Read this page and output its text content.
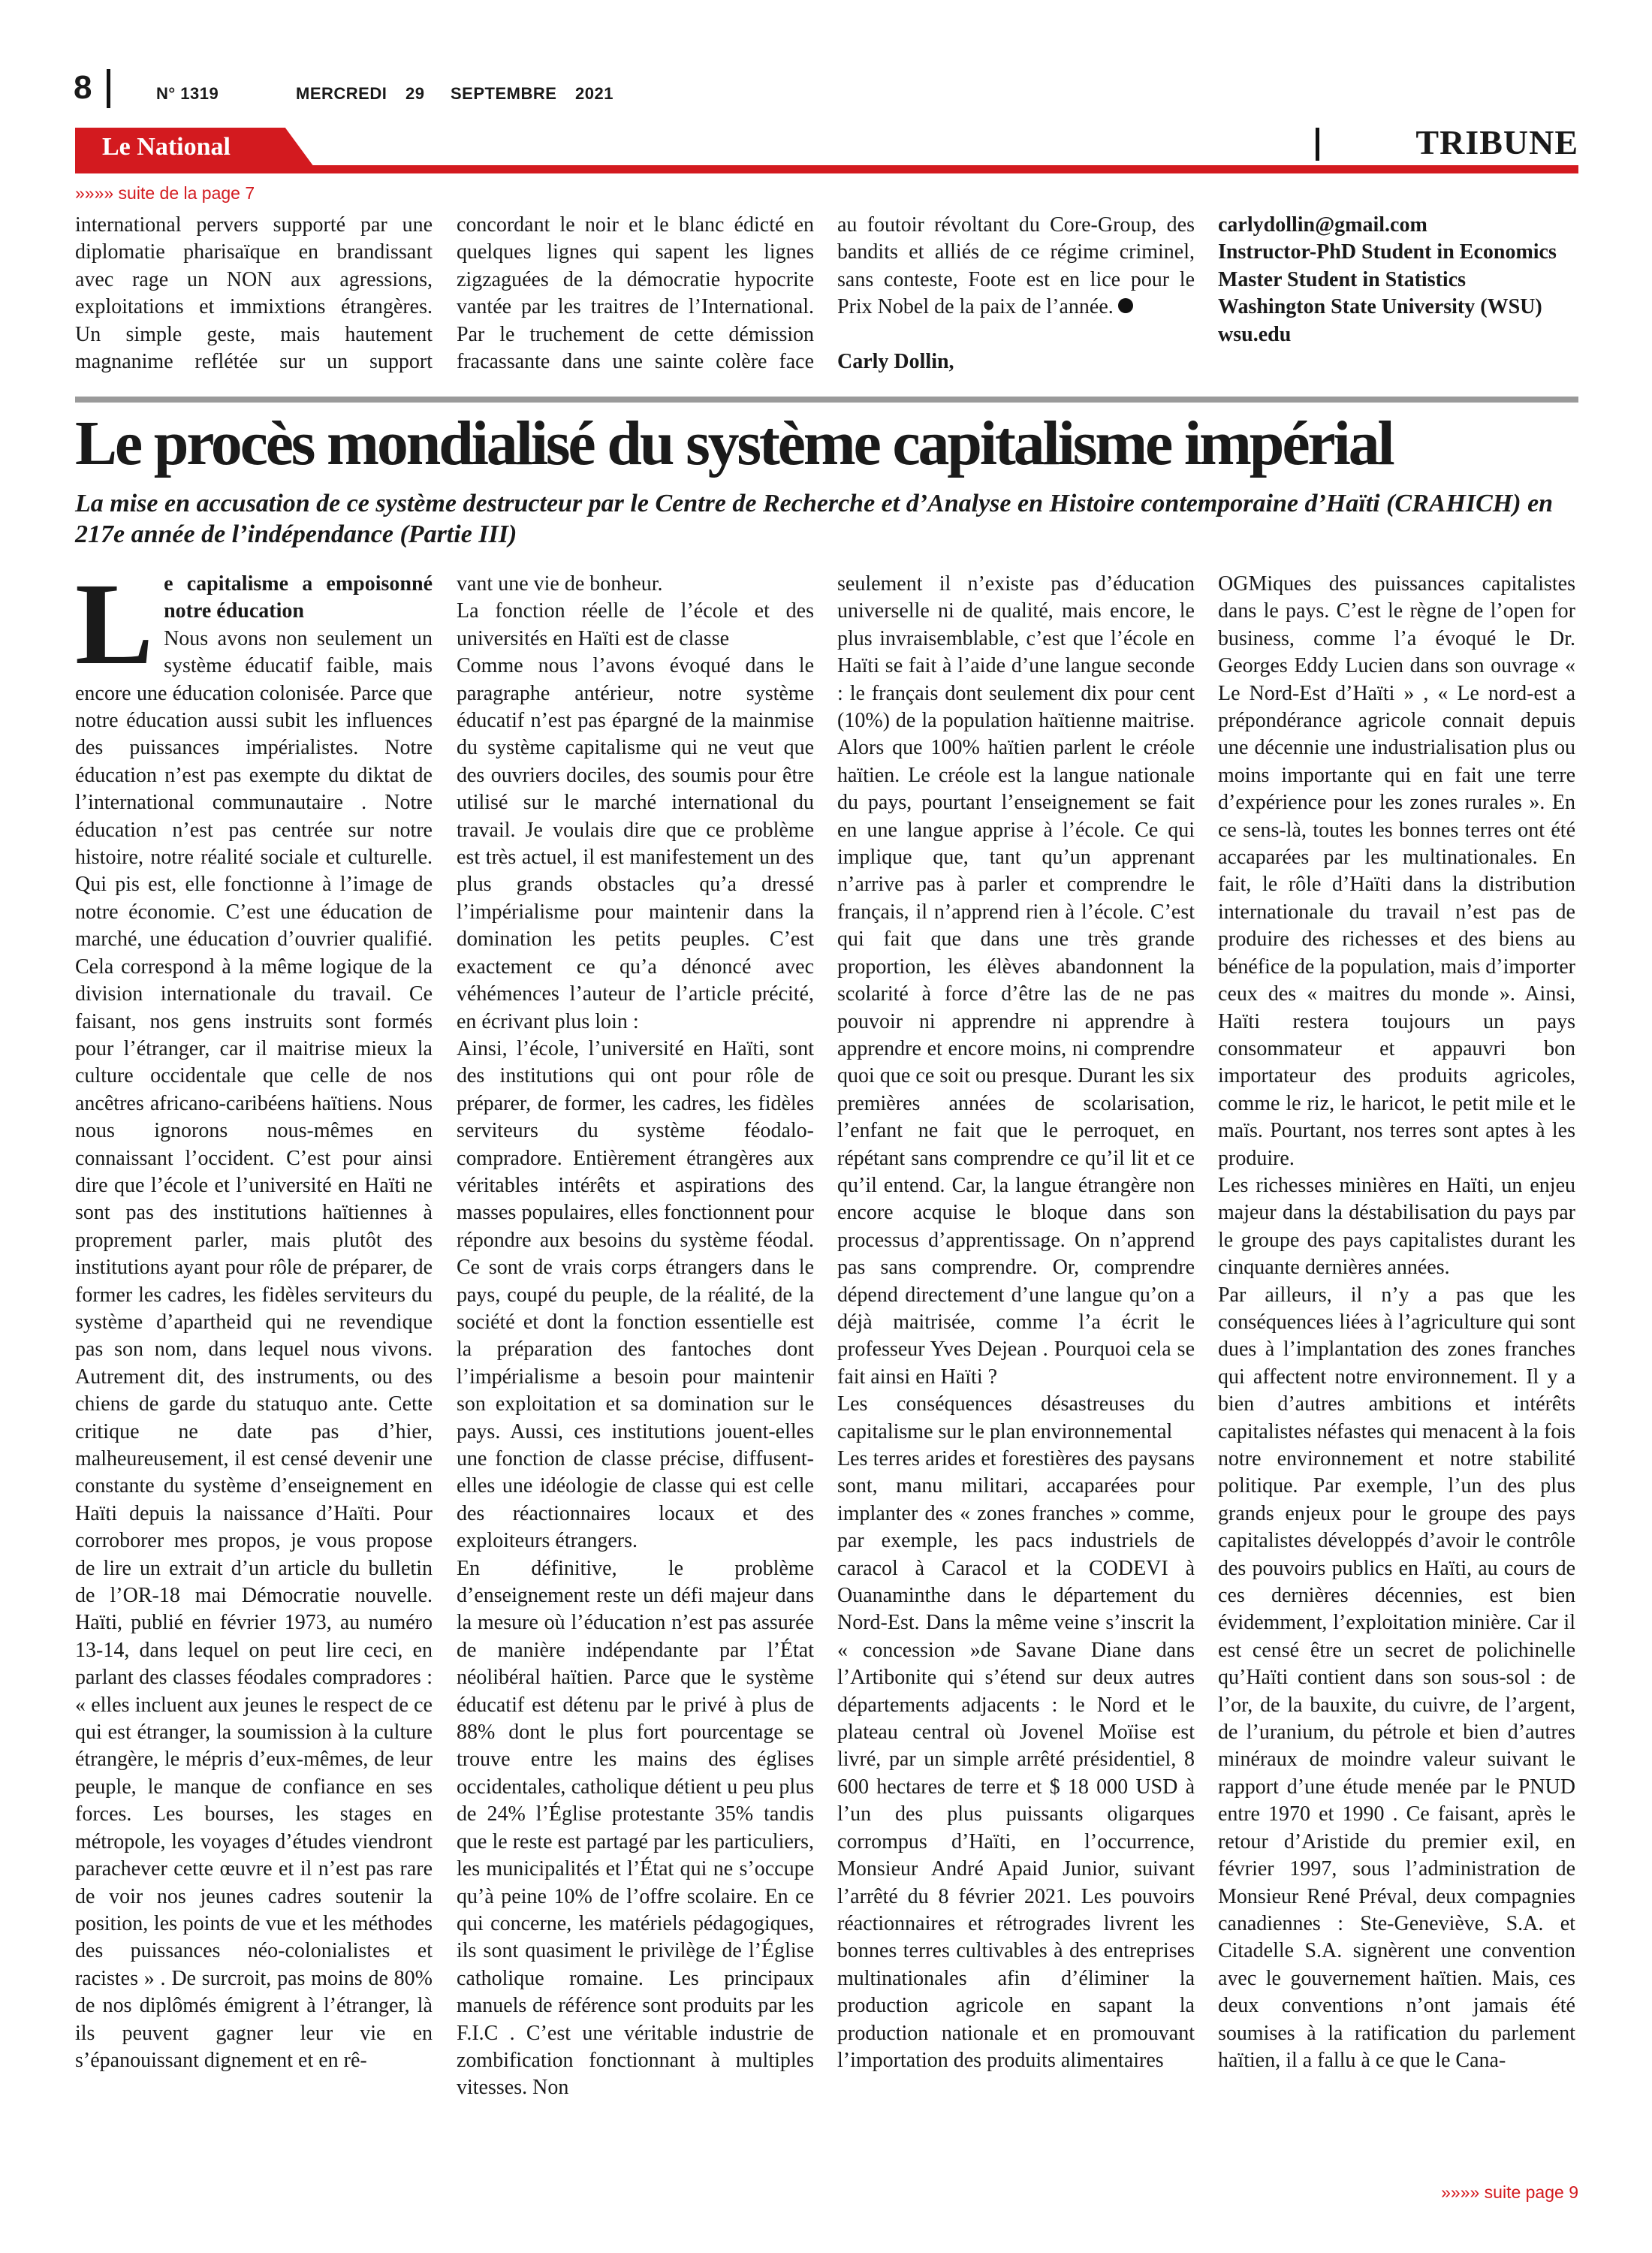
8	N° 1319	MERCREDI 29 SEPTEMBRE 2021
Le National	TRIBUNE
»»»» suite de la page 7

international pervers supporté par une diplomatie pharisaïque en brandissant avec rage un NON aux agressions, exploitations et immixtions étrangères. Un simple geste, mais hautement magnanime reflétée sur un support

concordant le noir et le blanc édicté en quelques lignes qui sapent les lignes zigzaguées de la démocratie hypocrite vantée par les traitres de l’International. Par le truchement de cette démission fracassante dans une sainte colère face

au foutoir révoltant du Core-Group, des bandits et alliés de ce régime criminel, sans conteste, Foote est en lice pour le Prix Nobel de la paix de l’année.

Carly Dollin,

carlydollin@gmail.com

Instructor-PhD Student in Economics

Master Student in Statistics

Washington State University (WSU)

wsu.edu

Le procès mondialisé du système capitalisme impérial

La mise en accusation de ce système destructeur par le Centre de Recherche et d’Analyse en Histoire contemporaine d’Haïti (CRAHICH) en 217e année de l’indépendance (Partie III)

L e capitalisme a empoisonné notre éducation

Nous avons non seulement un système éducatif faible, mais encore une éducation colonisée. Parce que notre éducation aussi subit les influences des puissances impérialistes. Notre éducation n’est pas exempte du diktat de l’international communautaire . Notre éducation n’est pas centrée sur notre histoire, notre réalité sociale et culturelle. Qui pis est, elle fonctionne à l’image de notre économie. C’est une éducation de marché, une éducation d’ouvrier qualifié. Cela correspond à la même logique de la division internationale du travail. Ce faisant, nos gens instruits sont formés pour l’étranger, car il maitrise mieux la culture occidentale que celle de nos ancêtres africano-caribéens haïtiens. Nous nous ignorons nous-mêmes en connaissant l’occident. C’est pour ainsi dire que l’école et l’université en Haïti ne sont pas des institutions haïtiennes à proprement parler, mais plutôt des institutions ayant pour rôle de préparer, de former les cadres, les fidèles serviteurs du système d’apartheid qui ne revendique pas son nom, dans lequel nous vivons. Autrement dit, des instruments, ou des chiens de garde du statuquo ante. Cette critique ne date pas d’hier, malheureusement, il est censé devenir une constante du système d’enseignement en Haïti depuis la naissance d’Haïti. Pour corroborer mes propos, je vous propose de lire un extrait d’un article du bulletin de l’OR-18 mai Démocratie nouvelle. Haïti, publié en février 1973, au numéro 13-14, dans lequel on peut lire ceci, en parlant des classes féodales compradores : « elles incluent aux jeunes le respect de ce qui est étranger, la soumission à la culture étrangère, le mépris d’eux-mêmes, de leur peuple, le manque de confiance en ses forces. Les bourses, les stages en métropole, les voyages d’études viendront parachever cette œuvre et il n’est pas rare de voir nos jeunes cadres soutenir la position, les points de vue et les méthodes des puissances néo-colonialistes et racistes » . De surcroit, pas moins de 80% de nos diplômés émigrent à l’étranger, là ils peuvent gagner leur vie en s’épanouissant dignement et en rê-

vant une vie de bonheur.

La fonction réelle de l’école et des universités en Haïti est de classe

Comme nous l’avons évoqué dans le paragraphe antérieur, notre système éducatif n’est pas épargné de la mainmise du système capitalisme qui ne veut que des ouvriers dociles, des soumis pour être utilisé sur le marché international du travail. Je voulais dire que ce problème est très actuel, il est manifestement un des plus grands obstacles qu’a dressé l’impérialisme pour maintenir dans la domination les petits peuples. C’est exactement ce qu’a dénoncé avec véhémences l’auteur de l’article précité, en écrivant plus loin :

Ainsi, l’école, l’université en Haïti, sont des institutions qui ont pour rôle de préparer, de former, les cadres, les fidèles serviteurs du système féodalo-compradore. Entièrement étrangères aux véritables intérêts et aspirations des masses populaires, elles fonctionnent pour répondre aux besoins du système féodal. Ce sont de vrais corps étrangers dans le pays, coupé du peuple, de la réalité, de la société et dont la fonction essentielle est la préparation des fantoches dont l’impérialisme a besoin pour maintenir son exploitation et sa domination sur le pays. Aussi, ces institutions jouent-elles une fonction de classe précise, diffusent-elles une idéologie de classe qui est celle des réactionnaires locaux et des exploiteurs étrangers.

En définitive, le problème d’enseignement reste un défi majeur dans la mesure où l’éducation n’est pas assurée de manière indépendante par l’État néolibéral haïtien. Parce que le système éducatif est détenu par le privé à plus de 88% dont le plus fort pourcentage se trouve entre les mains des églises occidentales, catholique détient u peu plus de 24% l’Église protestante 35% tandis que le reste est partagé par les particuliers, les municipalités et l’État qui ne s’occupe qu’à peine 10% de l’offre scolaire. En ce qui concerne, les matériels pédagogiques, ils sont quasiment le privilège de l’Église catholique romaine. Les principaux manuels de référence sont produits par les F.I.C . C’est une véritable industrie de zombification fonctionnant à multiples vitesses. Non

seulement il n’existe pas d’éducation universelle ni de qualité, mais encore, le plus invraisemblable, c’est que l’école en Haïti se fait à l’aide d’une langue seconde : le français dont seulement dix pour cent (10%) de la population haïtienne maitrise. Alors que 100% haïtien parlent le créole haïtien. Le créole est la langue nationale du pays, pourtant l’enseignement se fait en une langue apprise à l’école. Ce qui implique que, tant qu’un apprenant n’arrive pas à parler et comprendre le français, il n’apprend rien à l’école. C’est qui fait que dans une très grande proportion, les élèves abandonnent la scolarité à force d’être las de ne pas pouvoir ni apprendre ni apprendre à apprendre et encore moins, ni comprendre quoi que ce soit ou presque. Durant les six premières années de scolarisation, l’enfant ne fait que le perroquet, en répétant sans comprendre ce qu’il lit et ce qu’il entend. Car, la langue étrangère non encore acquise le bloque dans son processus d’apprentissage. On n’apprend pas sans comprendre. Or, comprendre dépend directement d’une langue qu’on a déjà maitrisée, comme l’a écrit le professeur Yves Dejean . Pourquoi cela se fait ainsi en Haïti ?

Les conséquences désastreuses du capitalisme sur le plan environnemental

Les terres arides et forestières des paysans sont, manu militari, accaparées pour implanter des « zones franches » comme, par exemple, les pacs industriels de caracol à Caracol et la CODEVI à Ouanaminthe dans le département du Nord-Est. Dans la même veine s’inscrit la « concession »de Savane Diane dans l’Artibonite qui s’étend sur deux autres départements adjacents : le Nord et le plateau central où Jovenel Moïise est livré, par un simple arrêté présidentiel, 8 600 hectares de terre et $ 18 000 USD à l’un des plus puissants oligarques corrompus d’Haïti, en l’occurrence, Monsieur André Apaid Junior, suivant l’arrêté du 8 février 2021. Les pouvoirs réactionnaires et rétrogrades livrent les bonnes terres cultivables à des entreprises multinationales afin d’éliminer la production agricole en sapant la production nationale et en promouvant l’importation des produits alimentaires

OGMiques des puissances capitalistes dans le pays. C’est le règne de l’open for business, comme l’a évoqué le Dr. Georges Eddy Lucien dans son ouvrage « Le Nord-Est d’Haïti » , « Le nord-est a prépondérance agricole connait depuis une décennie une industrialisation plus ou moins importante qui en fait une terre d’expérience pour les zones rurales ». En ce sens-là, toutes les bonnes terres ont été accaparées par les multinationales. En fait, le rôle d’Haïti dans la distribution internationale du travail n’est pas de produire des richesses et des biens au bénéfice de la population, mais d’importer ceux des « maitres du monde ». Ainsi, Haïti restera toujours un pays consommateur et appauvri bon importateur des produits agricoles, comme le riz, le haricot, le petit mile et le maïs. Pourtant, nos terres sont aptes à les produire.

Les richesses minières en Haïti, un enjeu majeur dans la déstabilisation du pays par le groupe des pays capitalistes durant les cinquante dernières années.

Par ailleurs, il n’y a pas que les conséquences liées à l’agriculture qui sont dues à l’implantation des zones franches qui affectent notre environnement. Il y a bien d’autres ambitions et intérêts capitalistes néfastes qui menacent à la fois notre environnement et notre stabilité politique. Par exemple, l’un des plus grands enjeux pour le groupe des pays capitalistes développés d’avoir le contrôle des pouvoirs publics en Haïti, au cours de ces dernières décennies, est bien évidemment, l’exploitation minière. Car il est censé être un secret de polichinelle qu’Haïti contient dans son sous-sol : de l’or, de la bauxite, du cuivre, de l’argent, de l’uranium, du pétrole et bien d’autres minéraux de moindre valeur suivant le rapport d’une étude menée par le PNUD entre 1970 et 1990 . Ce faisant, après le retour d’Aristide du premier exil, en février 1997, sous l’administration de Monsieur René Préval, deux compagnies canadiennes : Ste-Geneviève, S.A. et Citadelle S.A. signèrent une convention avec le gouvernement haïtien. Mais, ces deux conventions n’ont jamais été soumises à la ratification du parlement haïtien, il a fallu à ce que le Cana-

»»»» suite page 9
